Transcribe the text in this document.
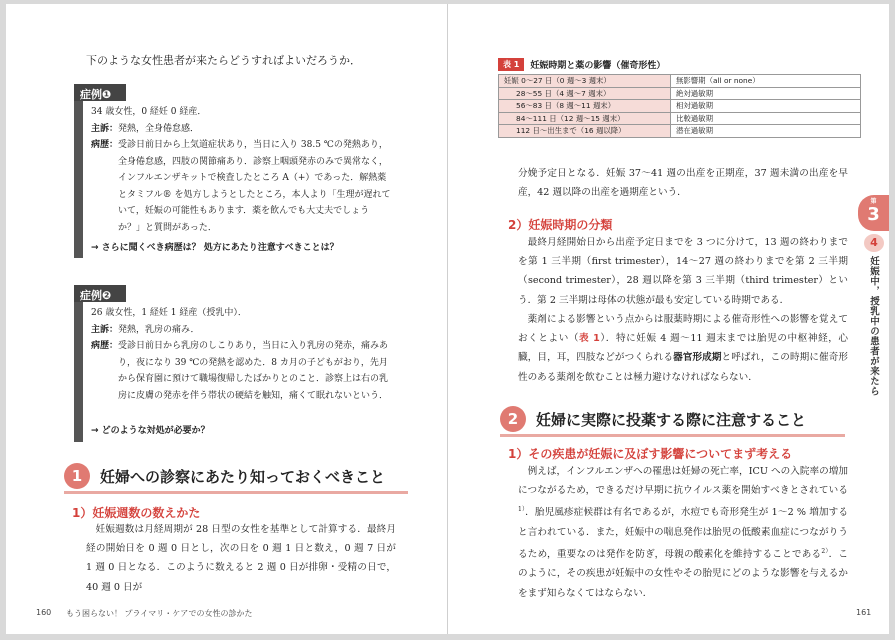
下のような女性患者が来たらどうすればよいだろうか．
症例❶
34 歳女性，0 経妊 0 経産．
主訴： 発熱，全身倦怠感．
病歴： 受診日前日から上気道症状あり，当日に入り 38.5 ℃の発熱あり，全身倦怠感，四肢の関節痛あり．診察上咽頭発赤のみで異常なく，インフルエンザキットで検査したところ A（+）であった．解熱薬とタミフル® を処方しようとしたところ，本人より「生理が遅れていて，妊娠の可能性もあります．薬を飲んでも大丈夫でしょうか？」と質問があった．
→ さらに聞くべき病歴は？ 処方にあたり注意すべきことは？
症例❷
26 歳女性，1 経妊 1 経産（授乳中）．
主訴： 発熱，乳房の痛み．
病歴： 受診日前日から乳房のしこりあり，当日に入り乳房の発赤，痛みあり，夜になり 39 ℃の発熱を認めた．8 カ月の子どもがおり，先月から保育園に預けて職場復帰したばかりとのこと．診察上は右の乳房に皮膚の発赤を伴う帯状の硬結を触知，痛くて眠れないという．
→ どのような対処が必要か？
1	妊婦への診察にあたり知っておくべきこと
1）妊娠週数の数えかた
妊娠週数は月経周期が 28 日型の女性を基準として計算する．最終月経の開始日を 0 週 0 日とし，次の日を 0 週 1 日と数え，0 週 7 日が 1 週 0 日となる．このように数えると 2 週 0 日が排卵・受精の日で，40 週 0 日が
160 もう困らない！ プライマリ・ケアでの女性の診かた
表 1	妊娠時期と薬の影響（催奇形性）
妊娠 0～27 日（0 週～3 週末）	無影響期（all or none）
28～55 日（4 週～7 週末）	絶対過敏期
56～83 日（8 週～11 週末）	相対過敏期
84～111 日（12 週～15 週末）	比較過敏期
112 日～出生まで（16 週以降）	潜在過敏期
分娩予定日となる．妊娠 37～41 週の出産を正期産，37 週未満の出産を早産，42 週以降の出産を過期産という．
2）妊娠時期の分類
最終月経開始日から出産予定日までを 3 つに分けて，13 週の終わりまでを第 1 三半期（first trimester），14～27 週の終わりまでを第 2 三半期（second trimester），28 週以降を第 3 三半期（third trimester）という．第 2 三半期は母体の状態が最も安定している時期である．
薬剤による影響という点からは服薬時期による催奇形性への影響を覚えておくとよい（表 1）．特に妊娠 4 週～11 週末までは胎児の中枢神経，心臓，目，耳，四肢などがつくられる器官形成期と呼ばれ，この時期に催奇形性のある薬剤を飲むことは極力避けなければならない．
2	妊婦に実際に投薬する際に注意すること
1）その疾患が妊娠に及ぼす影響についてまず考える
例えば，インフルエンザへの罹患は妊婦の死亡率，ICU への入院率の増加につながるため，できるだけ早期に抗ウイルス薬を開始すべきとされている$^{1)}$．胎児風疹症候群は有名であるが，水痘でも奇形発生が 1～2 % 増加すると言われている．また，妊娠中の喘息発作は胎児の低酸素血症につながりうるため，重要なのは発作を防ぎ，母親の酸素化を維持することである$^{2)}$．このように，その疾患が妊娠中の女性やその胎児にどのような影響を与えるかをまず知らなくてはならない．
161
第
3
4
妊娠中，授乳中の患者が来たら
